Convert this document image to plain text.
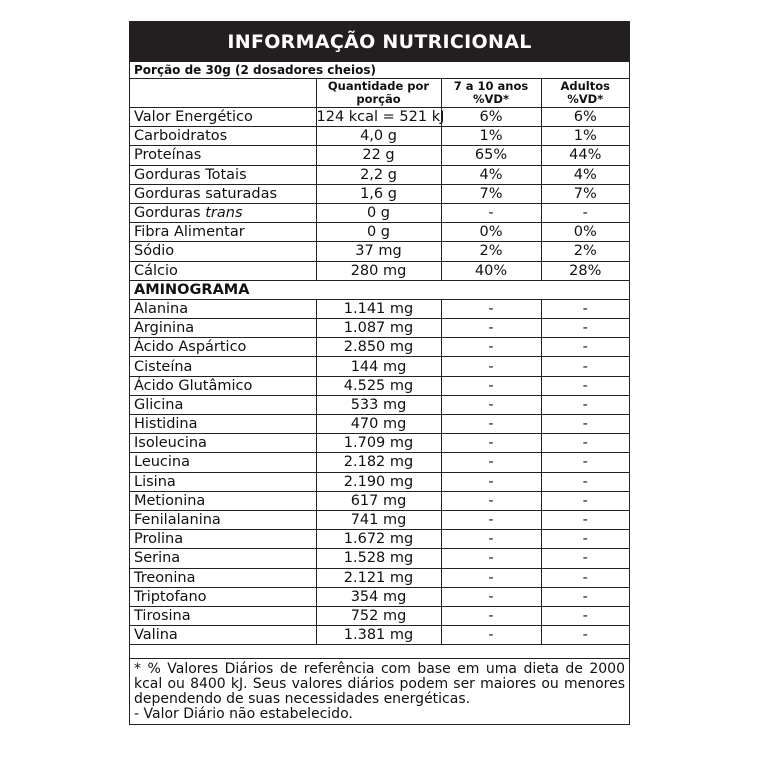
INFORMAÇÃO NUTRICIONAL
Porção de 30g (2 dosadores cheios)
	Quantidade por porção	7 a 10 anos %VD*	Adultos %VD*
Valor Energético	124 kcal = 521 kJ	6%	6%
Carboidratos	4,0 g	1%	1%
Proteínas	22 g	65%	44%
Gorduras Totais	2,2 g	4%	4%
Gorduras saturadas	1,6 g	7%	7%
Gorduras trans	0 g	-	-
Fibra Alimentar	0 g	0%	0%
Sódio	37 mg	2%	2%
Cálcio	280 mg	40%	28%
AMINOGRAMA			
Alanina	1.141 mg	-	-
Arginina	1.087 mg	-	-
Ácido Aspártico	2.850 mg	-	-
Cisteína	144 mg	-	-
Ácido Glutâmico	4.525 mg	-	-
Glicina	533 mg	-	-
Histidina	470 mg	-	-
Isoleucina	1.709 mg	-	-
Leucina	2.182 mg	-	-
Lisina	2.190 mg	-	-
Metionina	617 mg	-	-
Fenilalanina	741 mg	-	-
Prolina	1.672 mg	-	-
Serina	1.528 mg	-	-
Treonina	2.121 mg	-	-
Triptofano	354 mg	-	-
Tirosina	752 mg	-	-
Valina	1.381 mg	-	-

* % Valores Diários de referência com base em uma dieta de 2000 kcal ou 8400 kJ. Seus valores diários podem ser maiores ou menores dependendo de suas necessidades energéticas.

- Valor Diário não estabelecido.
